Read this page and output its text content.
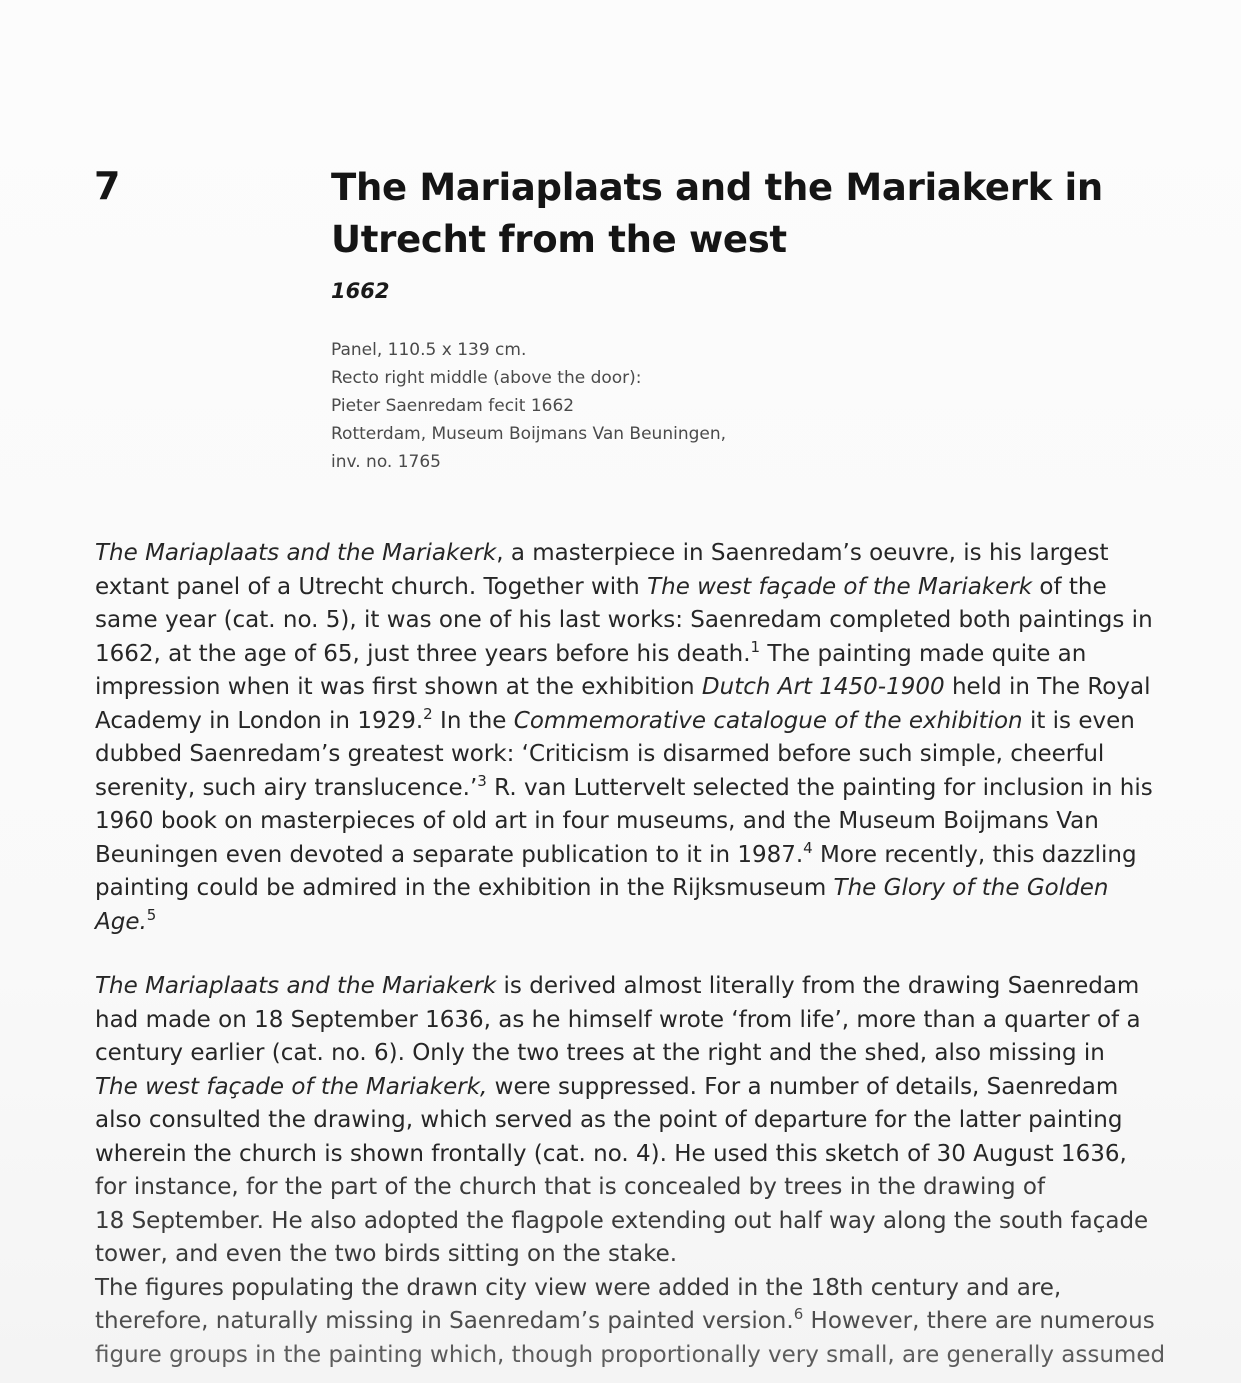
7	The Mariaplaats and the Mariakerk in
Utrecht from the west

1662

Panel, 110.5 x 139 cm.
Recto right middle (above the door):
Pieter Saenredam fecit 1662
Rotterdam, Museum Boijmans Van Beuningen,
inv. no. 1765

The Mariaplaats and the Mariakerk, a masterpiece in Saenredam’s oeuvre, is his largest
extant panel of a Utrecht church. Together with The west façade of the Mariakerk of the
same year (cat. no. 5), it was one of his last works: Saenredam completed both paintings in
1662, at the age of 65, just three years before his death.$^1$ The painting made quite an
impression when it was first shown at the exhibition Dutch Art 1450-1900 held in The Royal
Academy in London in 1929.$^2$ In the Commemorative catalogue of the exhibition it is even
dubbed Saenredam’s greatest work: ‘Criticism is disarmed before such simple, cheerful
serenity, such airy translucence.’$^3$ R. van Luttervelt selected the painting for inclusion in his
1960 book on masterpieces of old art in four museums, and the Museum Boijmans Van
Beuningen even devoted a separate publication to it in 1987.$^4$ More recently, this dazzling
painting could be admired in the exhibition in the Rijksmuseum The Glory of the Golden
Age.$^5$

The Mariaplaats and the Mariakerk is derived almost literally from the drawing Saenredam
had made on 18 September 1636, as he himself wrote ‘from life’, more than a quarter of a
century earlier (cat. no. 6). Only the two trees at the right and the shed, also missing in
The west façade of the Mariakerk, were suppressed. For a number of details, Saenredam
also consulted the drawing, which served as the point of departure for the latter painting
wherein the church is shown frontally (cat. no. 4). He used this sketch of 30 August 1636,
for instance, for the part of the church that is concealed by trees in the drawing of
18 September. He also adopted the flagpole extending out half way along the south façade
tower, and even the two birds sitting on the stake.

The figures populating the drawn city view were added in the 18th century and are,
therefore, naturally missing in Saenredam’s painted version.$^6$ However, there are numerous
figure groups in the painting which, though proportionally very small, are generally assumed
